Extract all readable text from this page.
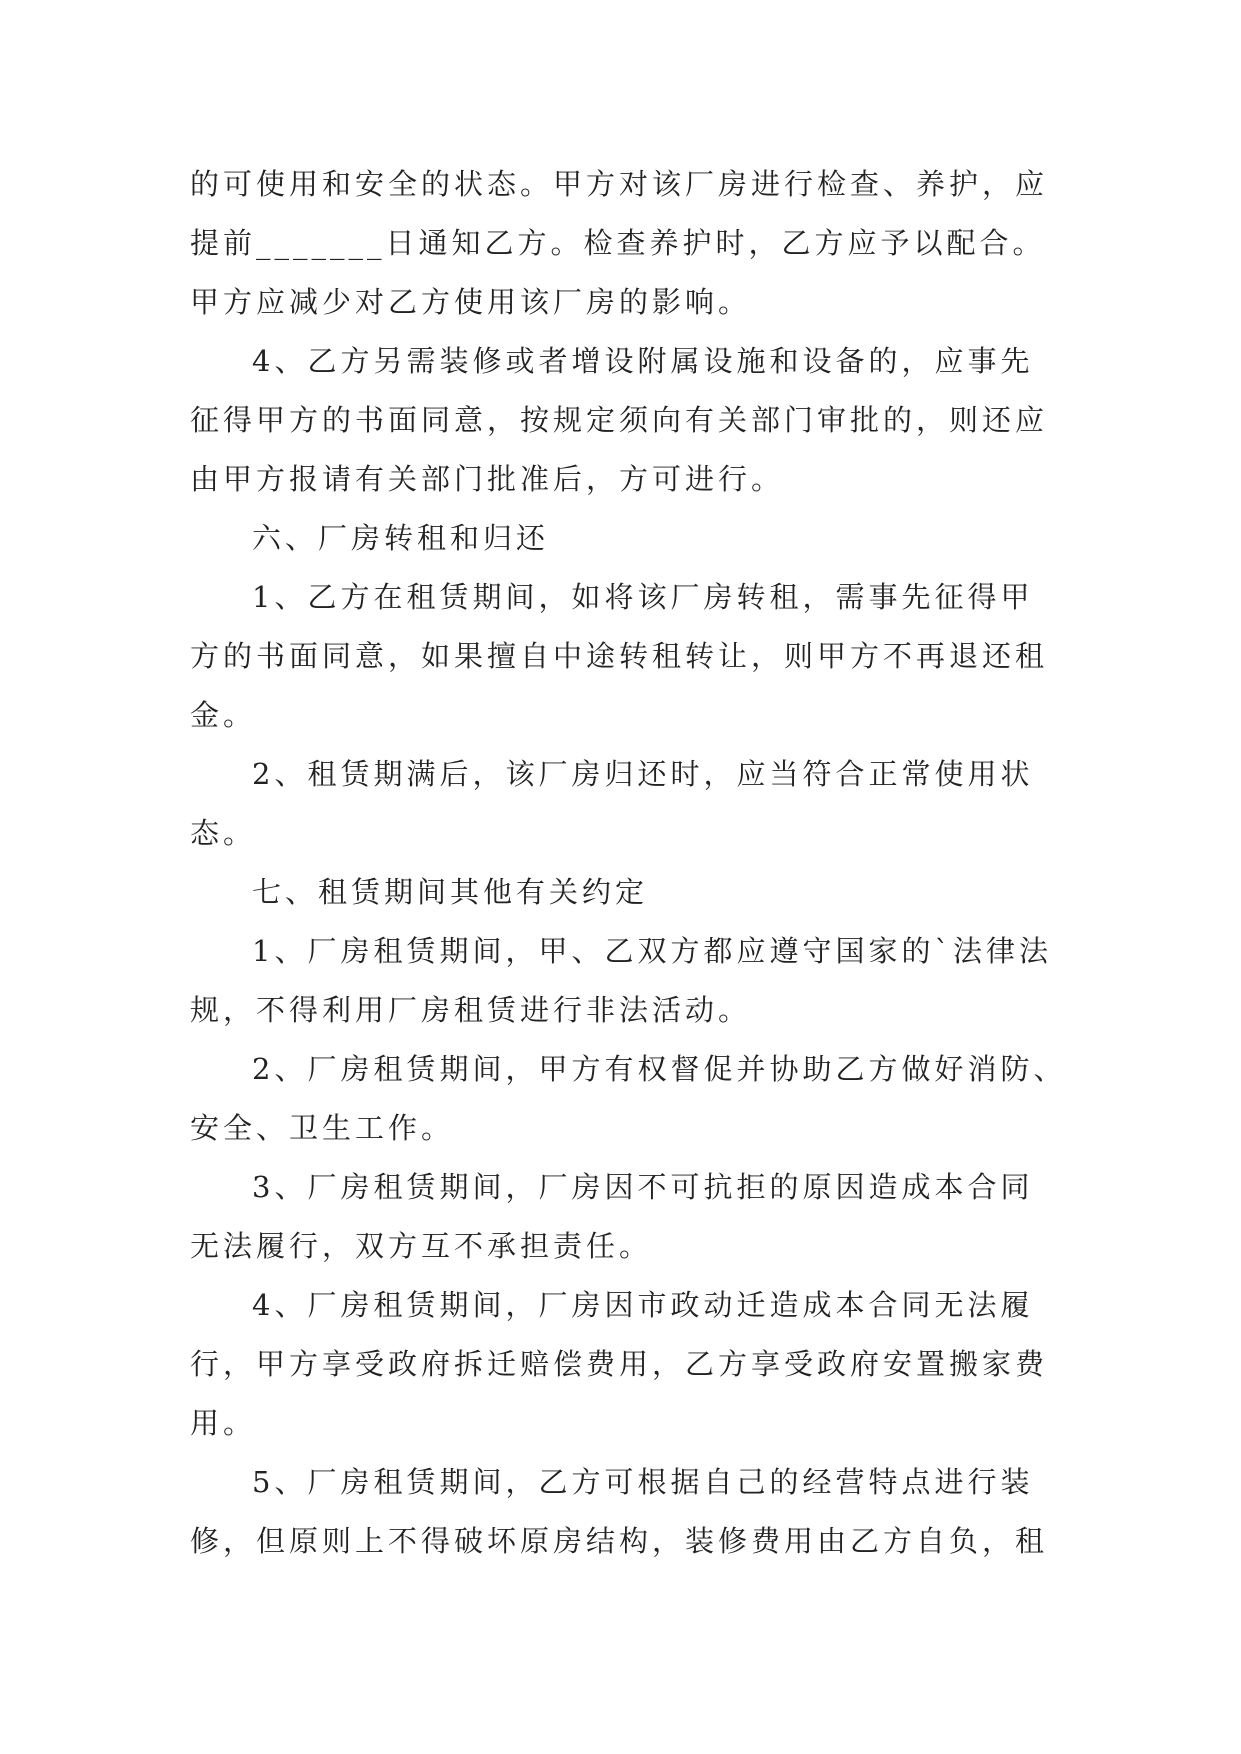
的可使用和安全的状态。甲方对该厂房进行检查、养护，应
提前_______日通知乙方。检查养护时，乙方应予以配合。
甲方应减少对乙方使用该厂房的影响。
4、乙方另需装修或者增设附属设施和设备的，应事先
征得甲方的书面同意，按规定须向有关部门审批的，则还应
由甲方报请有关部门批准后，方可进行。
六、厂房转租和归还
1、乙方在租赁期间，如将该厂房转租，需事先征得甲
方的书面同意，如果擅自中途转租转让，则甲方不再退还租
金。
2、租赁期满后，该厂房归还时，应当符合正常使用状
态。
七、租赁期间其他有关约定
1、厂房租赁期间，甲、乙双方都应遵守国家的`法律法
规，不得利用厂房租赁进行非法活动。
2、厂房租赁期间，甲方有权督促并协助乙方做好消防、
安全、卫生工作。
3、厂房租赁期间，厂房因不可抗拒的原因造成本合同
无法履行，双方互不承担责任。
4、厂房租赁期间，厂房因市政动迁造成本合同无法履
行，甲方享受政府拆迁赔偿费用，乙方享受政府安置搬家费
用。
5、厂房租赁期间，乙方可根据自己的经营特点进行装
修，但原则上不得破坏原房结构，装修费用由乙方自负，租
